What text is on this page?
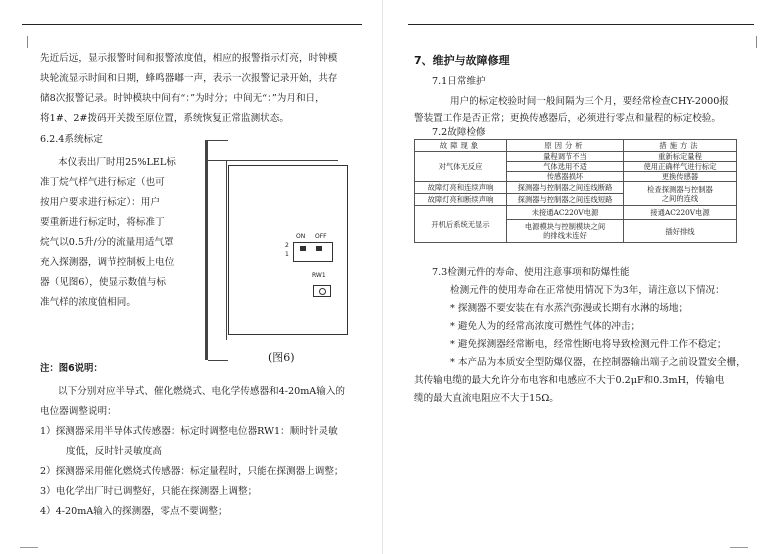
先近后远，显示报警时间和报警浓度值，相应的报警指示灯亮，时钟模
块轮流显示时间和日期，蜂鸣器嘟一声，表示一次报警记录开始，共存
储8次报警记录。时钟模块中间有“：”为时分；中间无“：”为月和日，
将1#、2#拨码开关拨至原位置，系统恢复正常监测状态。
6.2.4系统标定
本仪表出厂时用25%LEL标
准丁烷气样气进行标定（也可
按用户要求进行标定）：用户
要重新进行标定时，将标准丁
烷气以0.5升/分的流量用适气罩
充入探测器，调节控制板上电位
器（见图6），使显示数值与标
准气样的浓度值相同。
ON OFF
2
1
RW1
(图6)
注：图6说明：
以下分别对应半导式、催化燃烧式、电化学传感器和4-20mA输入的
电位器调整说明：
1）探测器采用半导体式传感器：标定时调整电位器RW1：顺时针灵敏
度低，反时针灵敏度高
2）探测器采用催化燃烧式传感器：标定量程时，只能在探测器上调整；
3）电化学出厂时已调整好，只能在探测器上调整；
4）4-20mA输入的探测器，零点不要调整；
7、维护与故障修理
7.1日常维护
用户的标定校验时间一般间隔为三个月，要经常检查CHY-2000报
警装置工作是否正常；更换传感器后，必须进行零点和量程的标定校验。
7.2故障检修
故障现象	原因分析	措施方法
对气体无反应	量程调节不当	重新标定量程
	气体选用不适	使用正确样气进行标定
	传感器损坏	更换传感器
故障灯亮和连续声响	探测器与控制器之间连线断路	检查探测器与控制器
之间的连线

故障灯亮和断续声响	探测器与控制器之间连线短路	
开机后系统无显示	未接通AC220V电源	接通AC220V电源

	电源模块与控制模块之间
的排线未连好	插好排线
7.3检测元件的寿命、使用注意事项和防爆性能
检测元件的使用寿命在正常使用情况下为3年，请注意以下情况：
* 探测器不要安装在有水蒸汽弥漫或长期有水淋的场地；
* 避免人为的经常高浓度可燃性气体的冲击；
* 避免探测器经常断电，经常性断电将导致检测元件工作不稳定；
* 本产品为本质安全型防爆仪器，在控制器输出端子之前设置安全栅，
其传输电缆的最大允许分布电容和电感应不大于0.2μF和0.3mH，传输电
缆的最大直流电阻应不大于15Ω。
